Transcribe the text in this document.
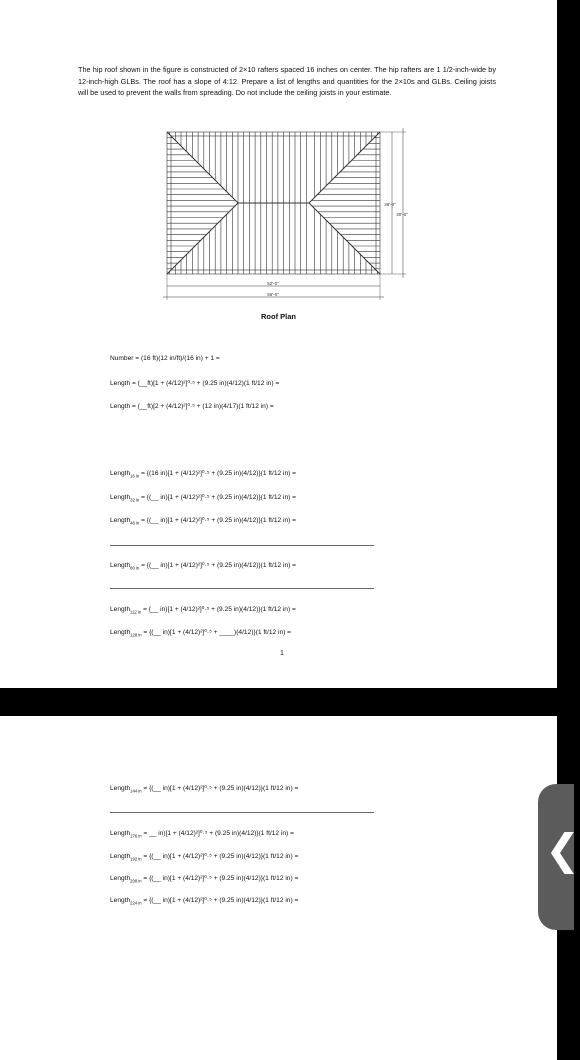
The hip roof shown in the figure is constructed of 2×10 rafters spaced 16 inches on center. The hip rafters are 1 1/2-inch-wide by 12-inch-high GLBs. The roof has a slope of 4:12. Prepare a list of lengths and quantities for the 2×10s and GLBs. Ceiling joists will be used to prevent the walls from spreading. Do not include the ceiling joists in your estimate.
52'-0"
56'-0"
36'-0"
40'-0"
Roof Plan
Number = (16 ft)(12 in/ft)/(16 in) + 1 =
Length = (__ft)[1 + (4/12)²]⁰·⁵ + (9.25 in)(4/12)(1 ft/12 in) =
Length = (__ft)[2 + (4/12)²]⁰·⁵ + (12 in)(4/17)(1 ft/12 in) =
Length$_{16 in}$ = {(16 in)[1 + (4/12)²]⁰·⁵ + (9.25 in)(4/12)}(1 ft/12 in) =
Length$_{32 in}$ = {(__ in)[1 + (4/12)²]⁰·⁵ + (9.25 in)(4/12)}(1 ft/12 in) =
Length$_{48 in}$ = {(__ in)[1 + (4/12)²]⁰·⁵ + (9.25 in)(4/12)}(1 ft/12 in) =
Length$_{80 in}$ = {(__ in)[1 + (4/12)²]⁰·⁵ + (9.25 in)(4/12)}(1 ft/12 in) =
Length$_{112 in}$ = {__ in)[1 + (4/12)²]⁰·⁵ + (9.25 in)(4/12)}(1 ft/12 in) =
Length$_{128 in}$ = {(__ in)[1 + (4/12)²]⁰·⁵ + ____)(4/12)}(1 ft/12 in) =
1
Length$_{144 in}$ = {(__ in)[1 + (4/12)²]⁰·⁵ + (9.25 in)(4/12)}(1 ft/12 in) =
Length$_{176 in}$ = __ in)[1 + (4/12)²]⁰·⁵ + (9.25 in)(4/12)}(1 ft/12 in) =
Length$_{192 in}$ = {(__ in)[1 + (4/12)²]⁰·⁵ + (9.25 in)(4/12)}(1 ft/12 in) =
Length$_{208 in}$ = {(__ in)[1 + (4/12)²]⁰·⁵ + (9.25 in)(4/12)}(1 ft/12 in) =
Length$_{224 in}$ = {(__ in)[1 + (4/12)²]⁰·⁵ + (9.25 in)(4/12)}(1 ft/12 in) =
❮
